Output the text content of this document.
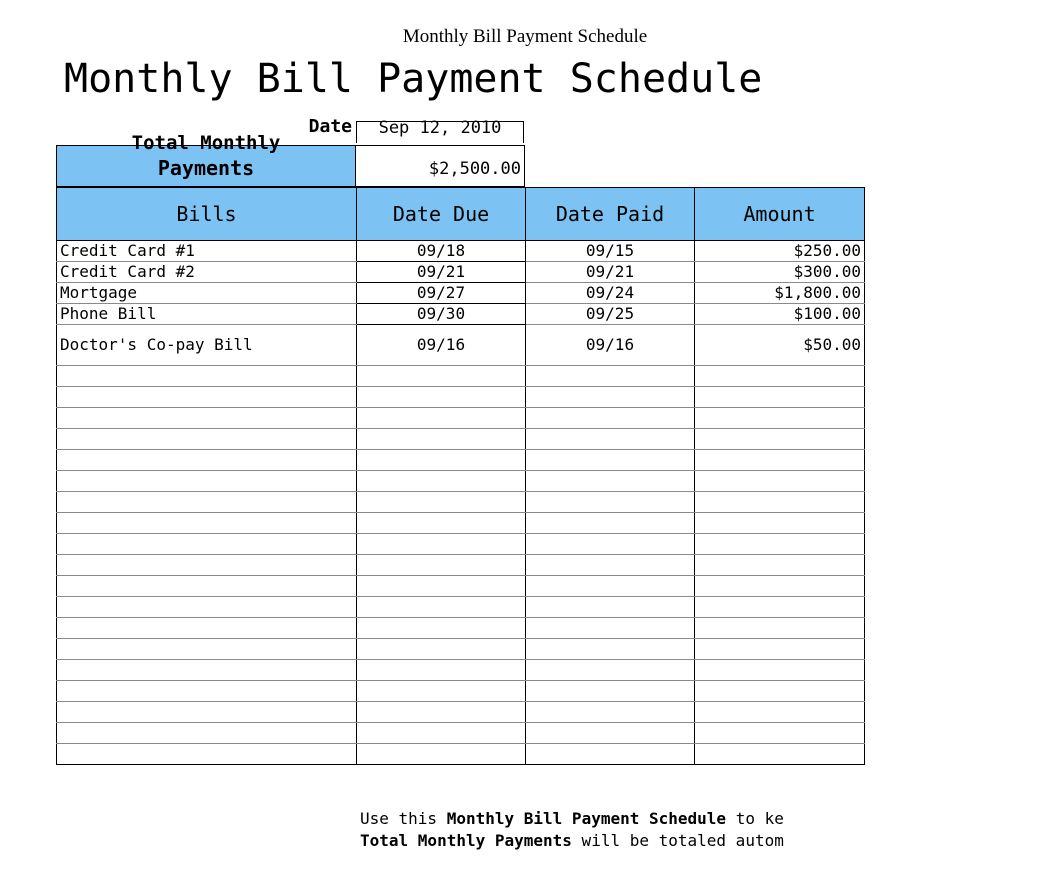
Monthly Bill Payment Schedule
Monthly Bill Payment Schedule
Date	Sep 12, 2010
Total Monthly
Payments	$2,500.00
Bills	Date Due	Date Paid	Amount
Credit Card #1	09/18	09/15	$250.00
Credit Card #2	09/21	09/21	$300.00
Mortgage	09/27	09/24	$1,800.00
Phone Bill	09/30	09/25	$100.00
Doctor's Co-pay Bill	09/16	09/16	$50.00

Use this Monthly Bill Payment Schedule to ke
Total Monthly Payments will be totaled autom
